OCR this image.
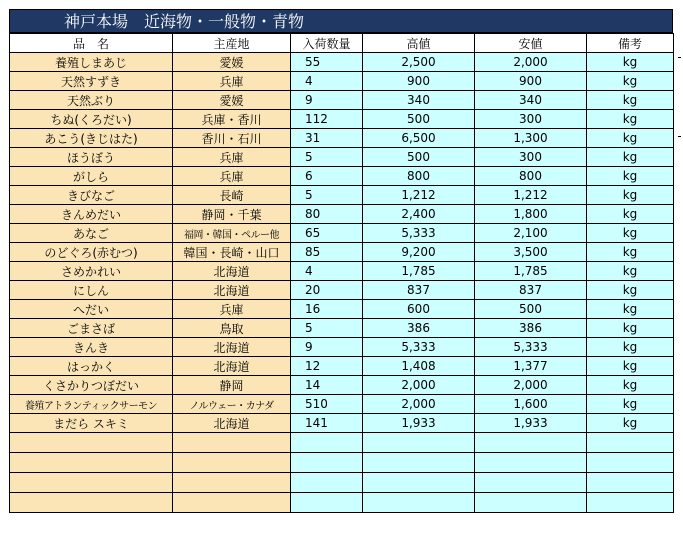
神戸本場　近海物・一般物・青物
品　名	主産地	入荷数量	高値	安値	備考
養殖しまあじ	愛媛	55	2,500	2,000	kg
天然すずき	兵庫	4	900	900	kg
天然ぶり	愛媛	9	340	340	kg
ちぬ(くろだい)	兵庫・香川	112	500	300	kg
あこう(きじはた)	香川・石川	31	6,500	1,300	kg
ほうぼう	兵庫	5	500	300	kg
がしら	兵庫	6	800	800	kg
きびなご	長崎	5	1,212	1,212	kg
きんめだい	静岡・千葉	80	2,400	1,800	kg
あなご	福岡・韓国・ペルー他	65	5,333	2,100	kg
のどぐろ(赤むつ)	韓国・長崎・山口	85	9,200	3,500	kg
さめかれい	北海道	4	1,785	1,785	kg
にしん	北海道	20	837	837	kg
へだい	兵庫	16	600	500	kg
ごまさば	鳥取	5	386	386	kg
きんき	北海道	9	5,333	5,333	kg
はっかく	北海道	12	1,408	1,377	kg
くさかりつぼだい	静岡	14	2,000	2,000	kg
養殖アトランティックサーモン	ノルウェー・カナダ	510	2,000	1,600	kg
まだら スキミ	北海道	141	1,933	1,933	kg
